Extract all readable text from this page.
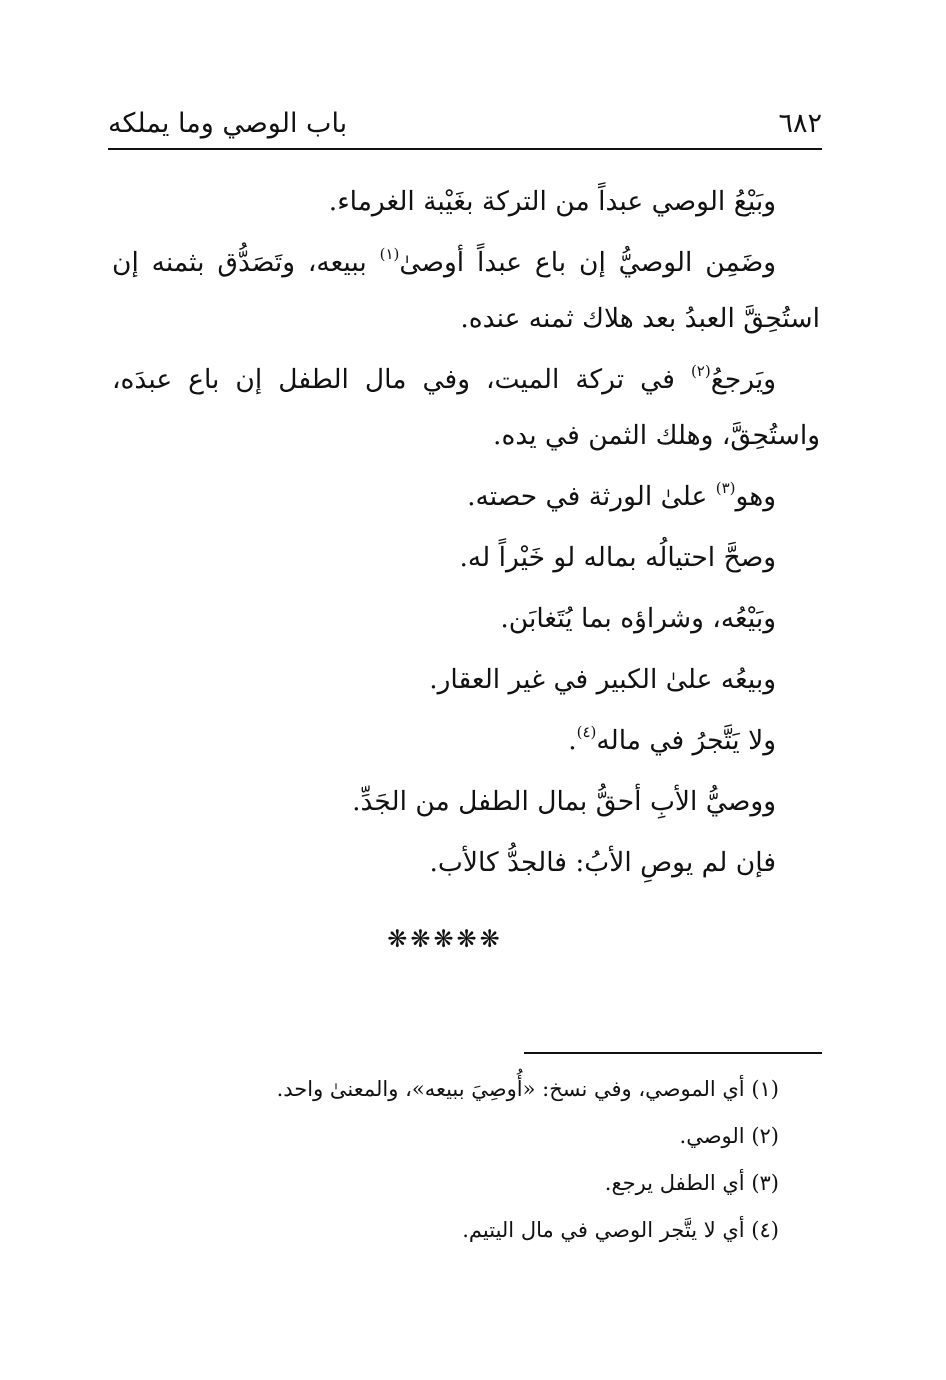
٦٨٢
باب الوصي وما يملكه

وبَيْعُ الوصي عبداً من التركة بغَيْبة الغرماء.

وضَمِن الوصيُّ إن باع عبداً أوصىٰ$^{(١)}$ ببيعه، وتَصَدُّق بثمنه إن استُحِقَّ العبدُ بعد هلاك ثمنه عنده.

ويَرجعُ$^{(٢)}$ في تركة الميت، وفي مال الطفل إن باع عبدَه، واستُحِقَّ، وهلك الثمن في يده.

وهو$^{(٣)}$ علىٰ الورثة في حصته.

وصحَّ احتيالُه بماله لو خَيْراً له.

وبَيْعُه، وشراؤه بما يُتَغابَن.

وبيعُه علىٰ الكبير في غير العقار.

ولا يَتَّجرُ في ماله$^{(٤)}$.

ووصيُّ الأبِ أحقُّ بمال الطفل من الجَدِّ.

فإن لم يوصِ الأبُ: فالجدُّ كالأب.

❋❋❋❋❋

(١) أي الموصي، وفي نسخ: «أُوصِيَ ببيعه»، والمعنىٰ واحد.

(٢) الوصي.

(٣) أي الطفل يرجع.

(٤) أي لا يتَّجر الوصي في مال اليتيم.
